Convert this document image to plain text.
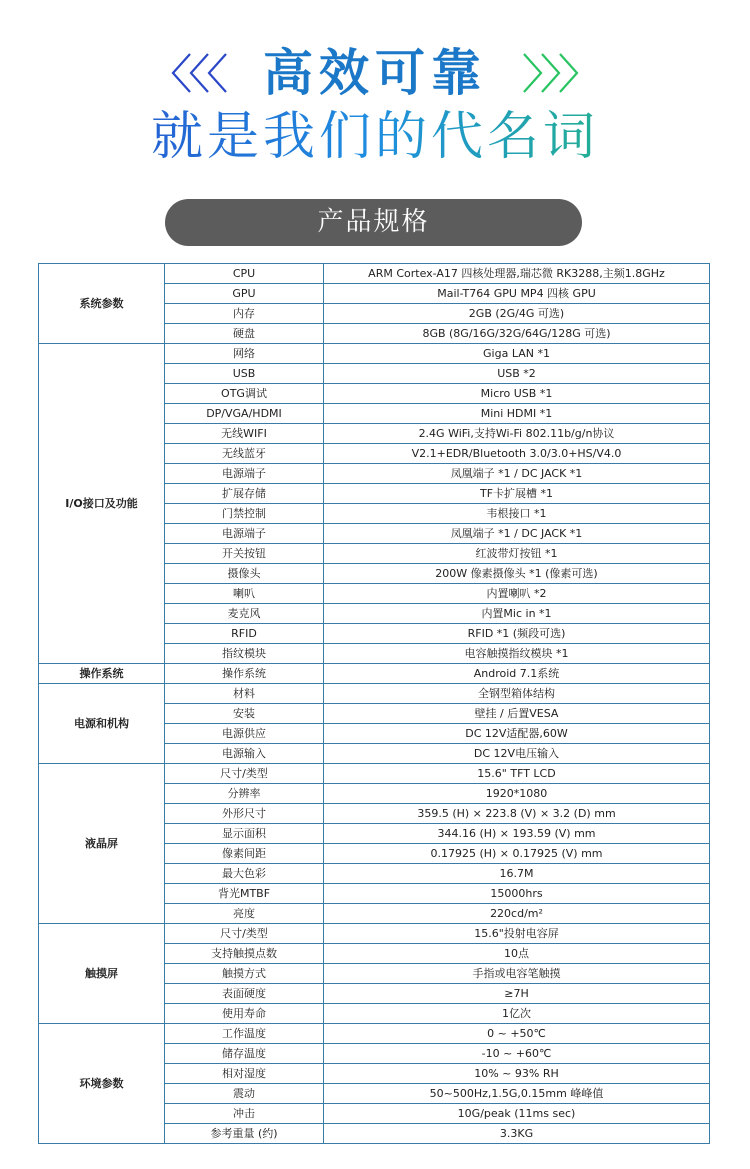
高效可靠
就是我们的代名词
产品规格
系统参数	CPU	ARM Cortex-A17 四核处理器,瑞芯微 RK3288,主频1.8GHz
	GPU	Mail-T764 GPU MP4 四核 GPU
	内存	2GB (2G/4G 可选)
	硬盘	8GB (8G/16G/32G/64G/128G 可选)
I/O接口及功能	网络	Giga LAN *1
	USB	USB *2
	OTG调试	Micro USB *1
	DP/VGA/HDMI	Mini HDMI *1
	无线WIFI	2.4G WiFi,支持Wi-Fi 802.11b/g/n协议
	无线蓝牙	V2.1+EDR/Bluetooth 3.0/3.0+HS/V4.0
	电源端子	凤凰端子 *1 / DC JACK *1
	扩展存储	TF卡扩展槽 *1
	门禁控制	韦根接口 *1
	电源端子	凤凰端子 *1 / DC JACK *1
	开关按钮	红波带灯按钮 *1
	摄像头	200W 像素摄像头 *1 (像素可选)
	喇叭	内置喇叭 *2
	麦克风	内置Mic in *1
	RFID	RFID *1 (频段可选)
	指纹模块	电容触摸指纹模块 *1
操作系统	操作系统	Android 7.1系统
电源和机构	材料	全钢型箱体结构
	安装	壁挂 / 后置VESA
	电源供应	DC 12V适配器,60W
	电源输入	DC 12V电压输入
液晶屏	尺寸/类型	15.6" TFT LCD
	分辨率	1920*1080
	外形尺寸	359.5 (H) × 223.8 (V) × 3.2 (D) mm
	显示面积	344.16 (H) × 193.59 (V) mm
	像素间距	0.17925 (H) × 0.17925 (V) mm
	最大色彩	16.7M
	背光MTBF	15000hrs
	亮度	220cd/m²
触摸屏	尺寸/类型	15.6"投射电容屏
	支持触摸点数	10点
	触摸方式	手指或电容笔触摸
	表面硬度	≥7H
	使用寿命	1亿次
环境参数	工作温度	0 ~ +50℃
	储存温度	-10 ~ +60℃
	相对湿度	10% ~ 93% RH
	震动	50~500Hz,1.5G,0.15mm 峰峰值
	冲击	10G/peak (11ms sec)
	参考重量 (约)	3.3KG
